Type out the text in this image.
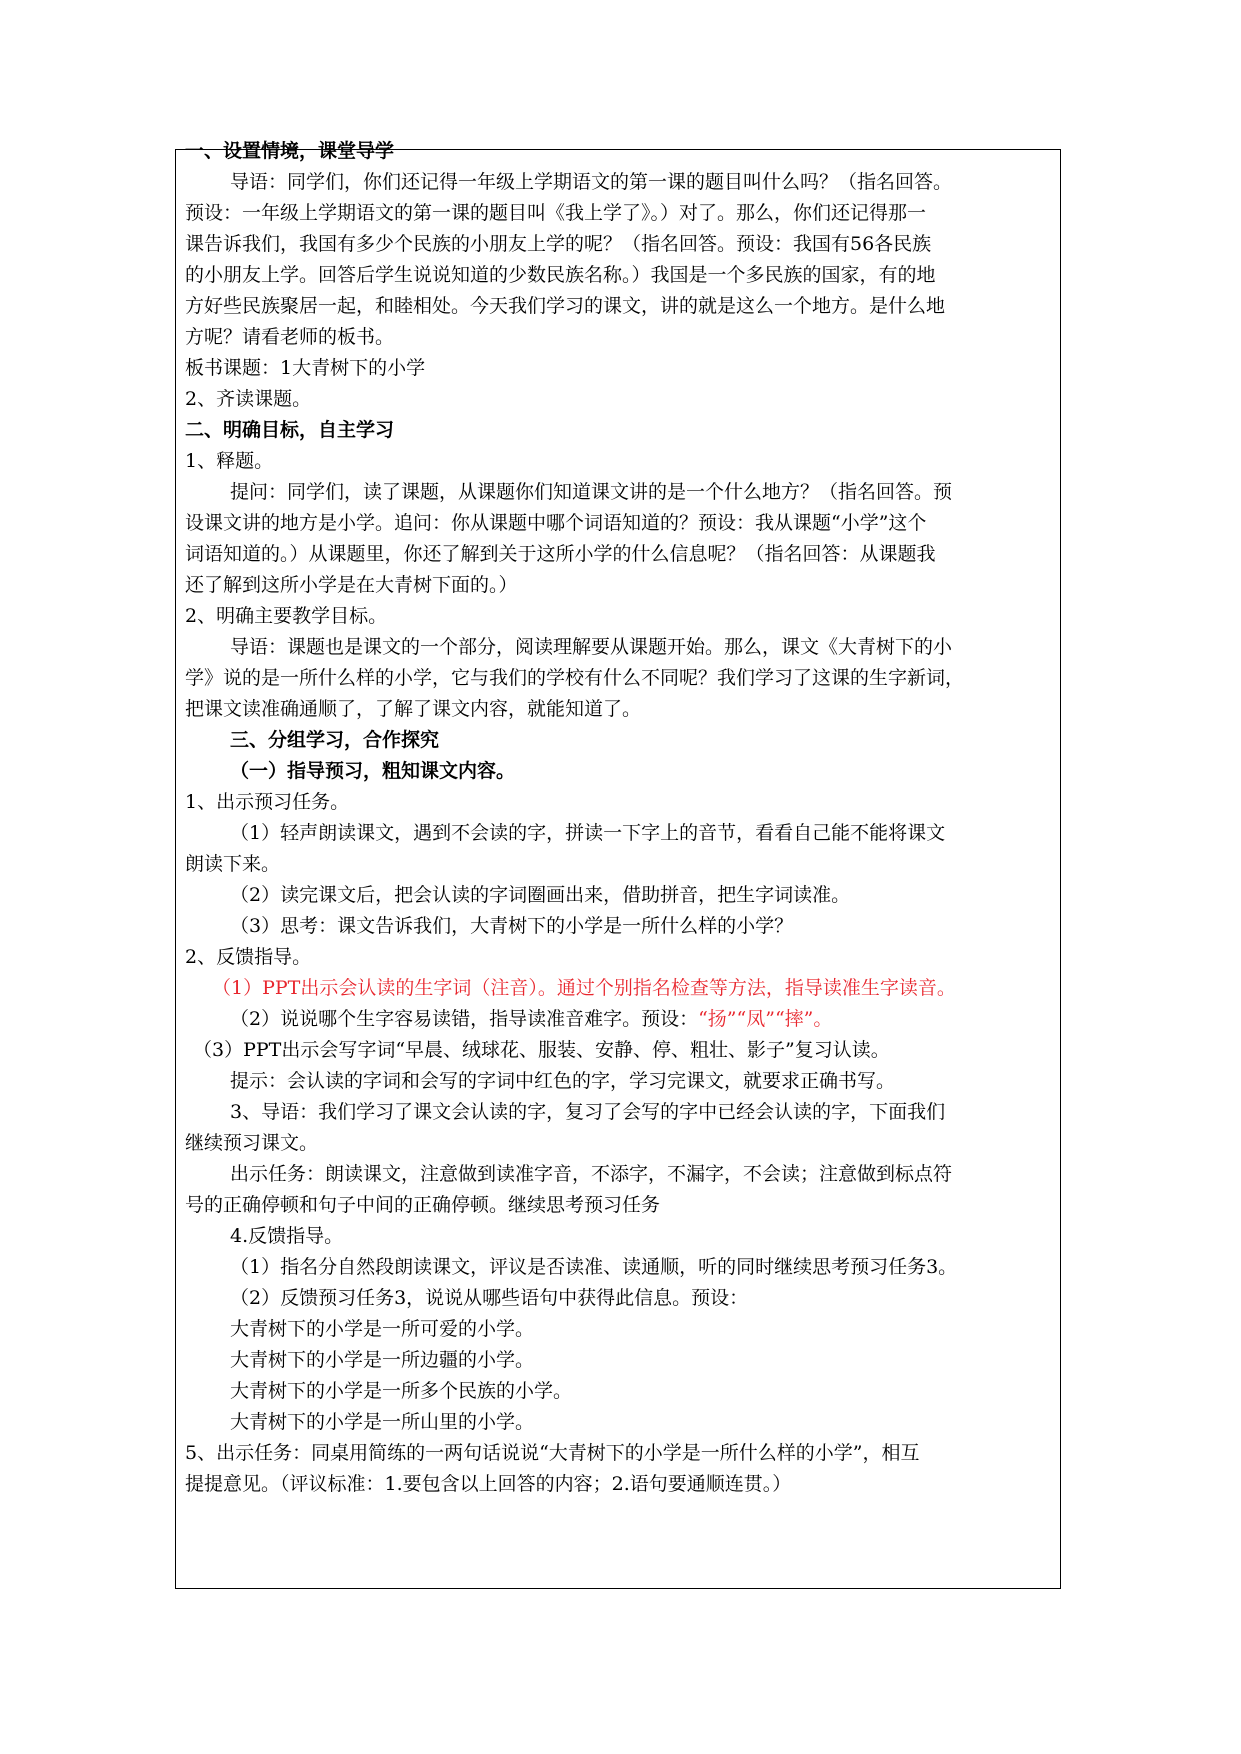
一、设置情境，课堂导学
导语：同学们，你们还记得一年级上学期语文的第一课的题目叫什么吗？（指名回答。
预设：一年级上学期语文的第一课的题目叫《我上学了》。）对了。那么，你们还记得那一
课告诉我们，我国有多少个民族的小朋友上学的呢？（指名回答。预设：我国有56各民族
的小朋友上学。回答后学生说说知道的少数民族名称。）我国是一个多民族的国家，有的地
方好些民族聚居一起，和睦相处。今天我们学习的课文，讲的就是这么一个地方。是什么地
方呢？请看老师的板书。
板书课题：1大青树下的小学
2、齐读课题。
二、明确目标，自主学习
1、释题。
提问：同学们，读了课题，从课题你们知道课文讲的是一个什么地方？（指名回答。预
设课文讲的地方是小学。追问：你从课题中哪个词语知道的？预设：我从课题“小学”这个
词语知道的。）从课题里，你还了解到关于这所小学的什么信息呢？（指名回答：从课题我
还了解到这所小学是在大青树下面的。）
2、明确主要教学目标。
导语：课题也是课文的一个部分，阅读理解要从课题开始。那么，课文《大青树下的小
学》说的是一所什么样的小学，它与我们的学校有什么不同呢？我们学习了这课的生字新词，
把课文读准确通顺了，了解了课文内容，就能知道了。
三、分组学习，合作探究
（一）指导预习，粗知课文内容。
1、出示预习任务。
（1）轻声朗读课文，遇到不会读的字，拼读一下字上的音节，看看自己能不能将课文
朗读下来。
（2）读完课文后，把会认读的字词圈画出来，借助拼音，把生字词读准。
（3）思考：课文告诉我们，大青树下的小学是一所什么样的小学？
2、反馈指导。
（1）PPT出示会认读的生字词（注音）。通过个别指名检查等方法，指导读准生字读音。
（2）说说哪个生字容易读错，指导读准音难字。预设：“扬”“凤”“摔”。
（3）PPT出示会写字词“早晨、绒球花、服装、安静、停、粗壮、影子”复习认读。
提示：会认读的字词和会写的字词中红色的字，学习完课文，就要求正确书写。
3、导语：我们学习了课文会认读的字，复习了会写的字中已经会认读的字，下面我们
继续预习课文。
出示任务：朗读课文，注意做到读准字音，不添字，不漏字，不会读；注意做到标点符
号的正确停顿和句子中间的正确停顿。继续思考预习任务
4.反馈指导。
（1）指名分自然段朗读课文，评议是否读准、读通顺，听的同时继续思考预习任务3。
（2）反馈预习任务3，说说从哪些语句中获得此信息。预设：
大青树下的小学是一所可爱的小学。
大青树下的小学是一所边疆的小学。
大青树下的小学是一所多个民族的小学。
大青树下的小学是一所山里的小学。
5、出示任务：同桌用简练的一两句话说说“大青树下的小学是一所什么样的小学”，相互
提提意见。（评议标准：1.要包含以上回答的内容；2.语句要通顺连贯。）
